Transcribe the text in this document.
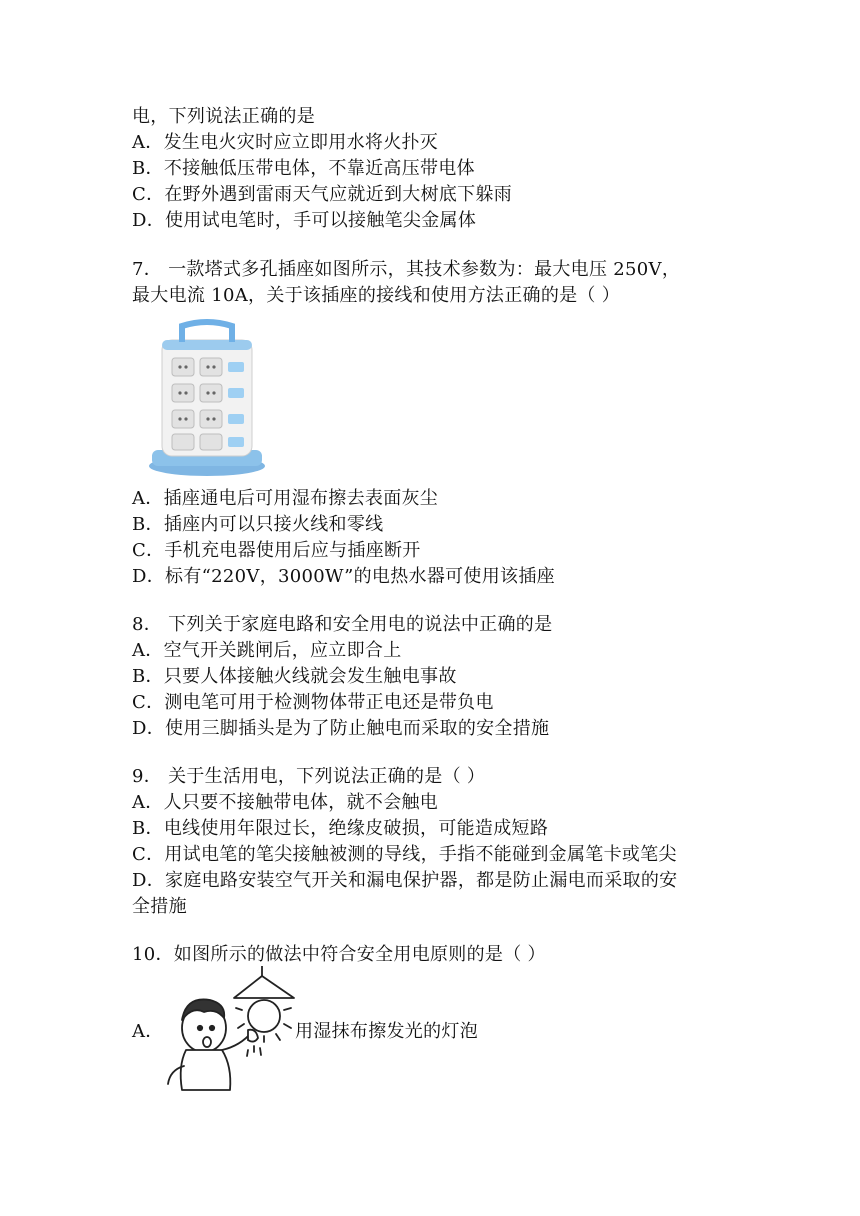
电，下列说法正确的是
A．发生电火灾时应立即用水将火扑灭
B．不接触低压带电体，不靠近高压带电体
C．在野外遇到雷雨天气应就近到大树底下躲雨
D．使用试电笔时，手可以接触笔尖金属体
7． 一款塔式多孔插座如图所示，其技术参数为：最大电压 250V，
最大电流 10A，关于该插座的接线和使用方法正确的是（ ）
A．插座通电后可用湿布擦去表面灰尘
B．插座内可以只接火线和零线
C．手机充电器使用后应与插座断开
D．标有“220V，3000W”的电热水器可使用该插座
8． 下列关于家庭电路和安全用电的说法中正确的是
A．空气开关跳闸后，应立即合上
B．只要人体接触火线就会发生触电事故
C．测电笔可用于检测物体带正电还是带负电
D．使用三脚插头是为了防止触电而采取的安全措施
9． 关于生活用电，下列说法正确的是（ ）
A．人只要不接触带电体，就不会触电
B．电线使用年限过长，绝缘皮破损，可能造成短路
C．用试电笔的笔尖接触被测的导线，手指不能碰到金属笔卡或笔尖
D．家庭电路安装空气开关和漏电保护器，都是防止漏电而采取的安
全措施
10．如图所示的做法中符合安全用电原则的是（ ）
A．	用湿抹布擦发光的灯泡
